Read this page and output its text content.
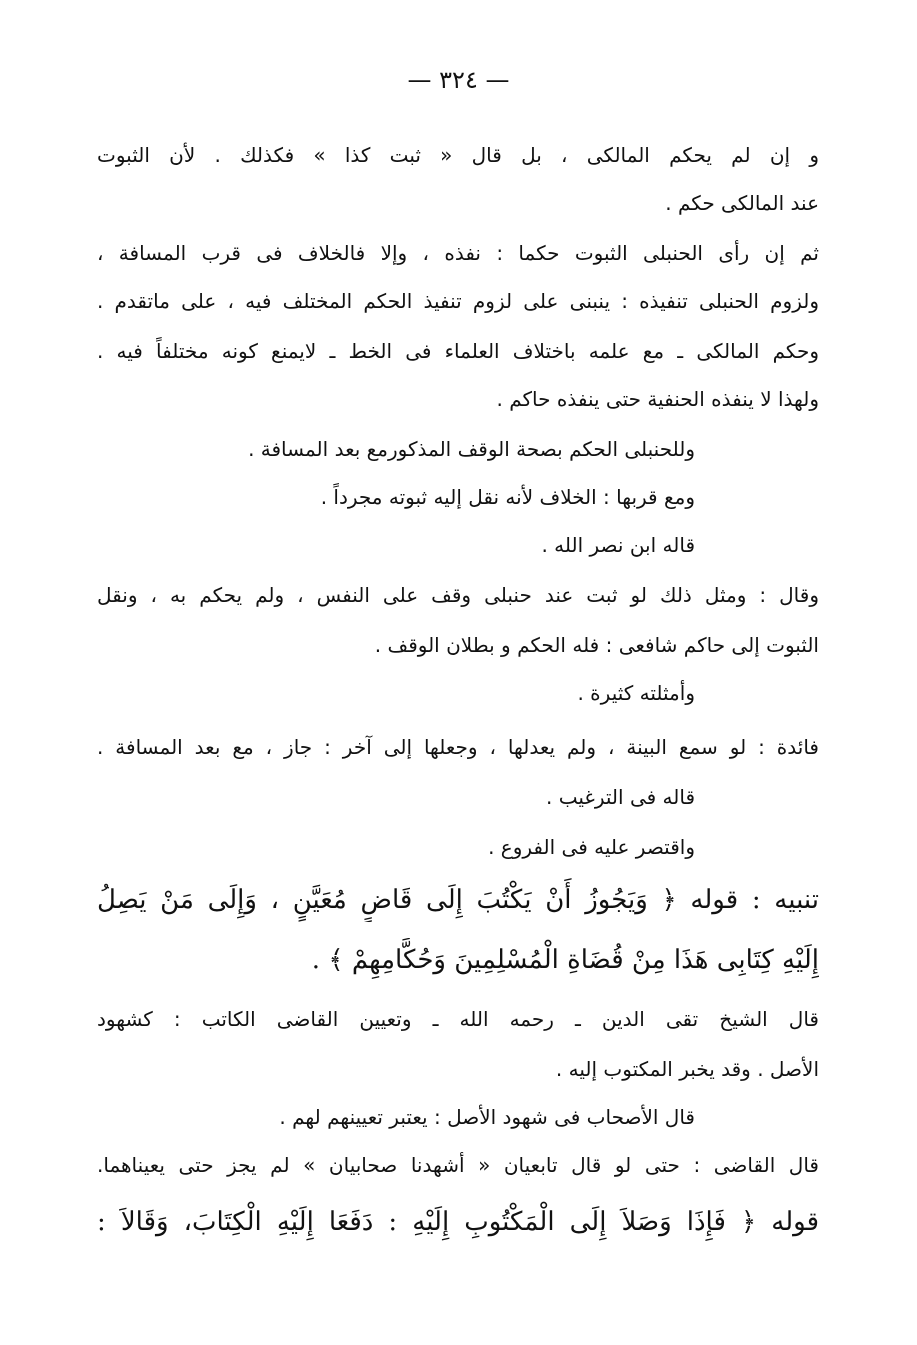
— ٣٢٤ —
و إن لم يحكم المالكى ، بل قال « ثبت كذا » فكذلك . لأن الثبوت
عند المالكى حكم .
ثم إن رأى الحنبلى الثبوت حكما : نفذه ، وإلا فالخلاف فى قرب المسافة ،
ولزوم الحنبلى تنفيذه : ينبنى على لزوم تنفيذ الحكم المختلف فيه ، على ماتقدم .
وحكم المالكى ـ مع علمه باختلاف العلماء فى الخط ـ لايمنع كونه مختلفاً فيه .
ولهذا لا ينفذه الحنفية حتى ينفذه حاكم .
وللحنبلى الحكم بصحة الوقف المذكورمع بعد المسافة .
ومع قربها : الخلاف لأنه نقل إليه ثبوته مجرداً .
قاله ابن نصر الله .
وقال : ومثل ذلك لو ثبت عند حنبلى وقف على النفس ، ولم يحكم به ، ونقل
الثبوت إلى حاكم شافعى : فله الحكم و بطلان الوقف .
وأمثلته كثيرة .
فائدة : لو سمع البينة ، ولم يعدلها ، وجعلها إلى آخر : جاز ، مع بعد المسافة .
قاله فى الترغيب .
واقتصر عليه فى الفروع .
تنبيه : قوله ﴿ وَيَجُوزُ أَنْ يَكْتُبَ إِلَى قَاضٍ مُعَيَّنٍ ، وَإِلَى مَنْ يَصِلُ
إِلَيْهِ كِتَابِى هَذَا مِنْ قُضَاةِ الْمُسْلِمِينَ وَحُكَّامِهِمْ ﴾ .
قال الشيخ تقى الدين ـ رحمه الله ـ وتعيين القاضى الكاتب : كشهود
الأصل . وقد يخبر المكتوب إليه .
قال الأصحاب فى شهود الأصل : يعتبر تعيينهم لهم .
قال القاضى : حتى لو قال تابعيان « أشهدنا صحابيان » لم يجز حتى يعيناهما.
قوله ﴿ فَإِذَا وَصَلاَ إِلَى الْمَكْتُوبِ إِلَيْهِ : دَفَعَا إِلَيْهِ الْكِتَابَ، وَقَالاَ :
